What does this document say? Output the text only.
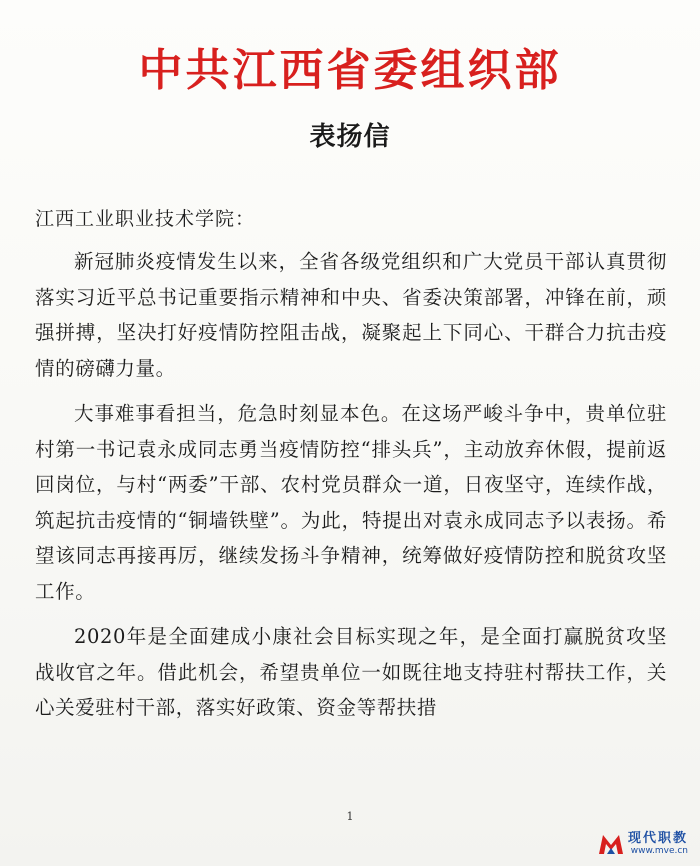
中共江西省委组织部
表扬信
江西工业职业技术学院：

新冠肺炎疫情发生以来，全省各级党组织和广大党员干部认真贯彻落实习近平总书记重要指示精神和中央、省委决策部署，冲锋在前，顽强拼搏，坚决打好疫情防控阻击战，凝聚起上下同心、干群合力抗击疫情的磅礴力量。

大事难事看担当，危急时刻显本色。在这场严峻斗争中，贵单位驻村第一书记袁永成同志勇当疫情防控“排头兵”，主动放弃休假，提前返回岗位，与村“两委”干部、农村党员群众一道，日夜坚守，连续作战，筑起抗击疫情的“铜墙铁壁”。为此，特提出对袁永成同志予以表扬。希望该同志再接再厉，继续发扬斗争精神，统筹做好疫情防控和脱贫攻坚工作。

2020年是全面建成小康社会目标实现之年，是全面打赢脱贫攻坚战收官之年。借此机会，希望贵单位一如既往地支持驻村帮扶工作，关心关爱驻村干部，落实好政策、资金等帮扶措

1
现代职教
www.mve.cn
